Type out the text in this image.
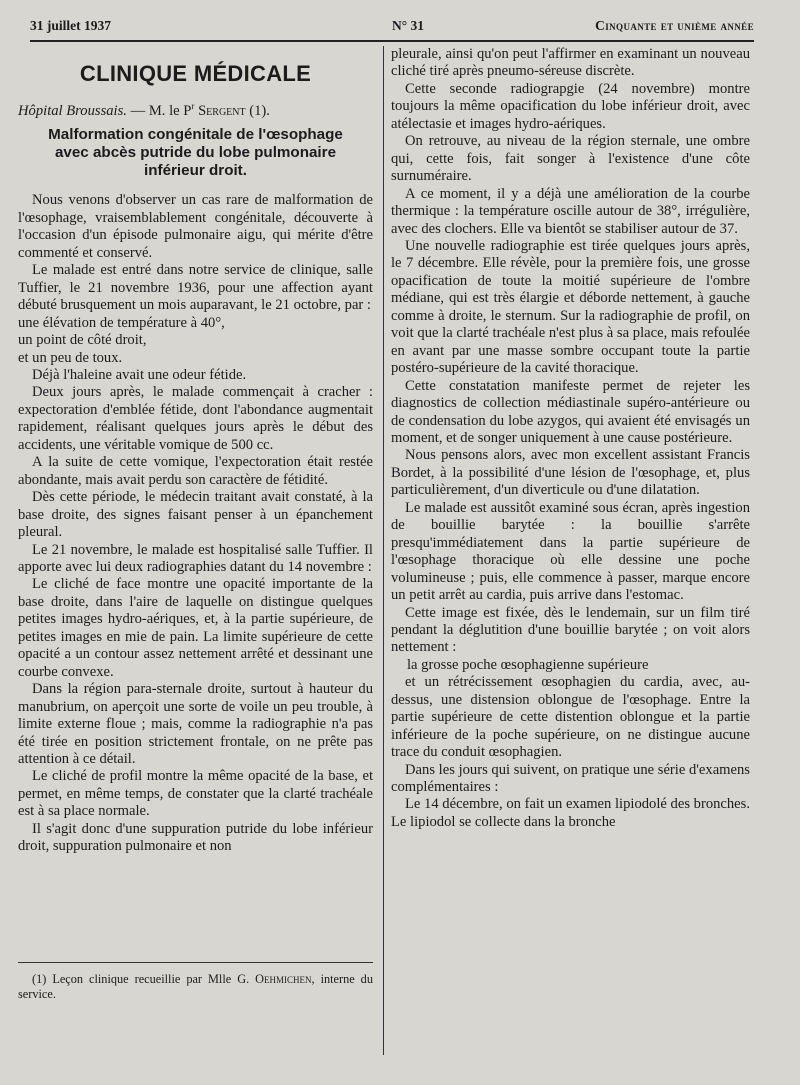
31 juillet 1937	N° 31	Cinquante et unième année
CLINIQUE MÉDICALE

Hôpital Broussais. — M. le $P^r$ Sergent (1).

Malformation congénitale de l'œsophage avec abcès putride du lobe pulmonaire inférieur droit.

Nous venons d'observer un cas rare de malformation de l'œsophage, vraisemblablement congénitale, découverte à l'occasion d'un épisode pulmonaire aigu, qui mérite d'être commenté et conservé.

Le malade est entré dans notre service de clinique, salle Tuffier, le 21 novembre 1936, pour une affection ayant débuté brusquement un mois auparavant, le 21 octobre, par :

une élévation de température à 40°,

un point de côté droit,

et un peu de toux.

Déjà l'haleine avait une odeur fétide.

Deux jours après, le malade commençait à cracher : expectoration d'emblée fétide, dont l'abondance augmentait rapidement, réalisant quelques jours après le début des accidents, une véritable vomique de 500 cc.

A la suite de cette vomique, l'expectoration était restée abondante, mais avait perdu son caractère de fétidité.

Dès cette période, le médecin traitant avait constaté, à la base droite, des signes faisant penser à un épanchement pleural.

Le 21 novembre, le malade est hospitalisé salle Tuffier. Il apporte avec lui deux radiographies datant du 14 novembre :

Le cliché de face montre une opacité importante de la base droite, dans l'aire de laquelle on distingue quelques petites images hydro-aériques, et, à la partie supérieure, de petites images en mie de pain. La limite supérieure de cette opacité a un contour assez nettement arrêté et dessinant une courbe convexe.

Dans la région para-sternale droite, surtout à hauteur du manubrium, on aperçoit une sorte de voile un peu trouble, à limite externe floue ; mais, comme la radiographie n'a pas été tirée en position strictement frontale, on ne prête pas attention à ce détail.

Le cliché de profil montre la même opacité de la base, et permet, en même temps, de constater que la clarté trachéale est à sa place normale.

Il s'agit donc d'une suppuration putride du lobe inférieur droit, suppuration pulmonaire et non

(1) Leçon clinique recueillie par Mlle G. Oehmichen, interne du service.

pleurale, ainsi qu'on peut l'affirmer en examinant un nouveau cliché tiré après pneumo-séreuse discrète.

Cette seconde radiograpgie (24 novembre) montre toujours la même opacification du lobe inférieur droit, avec atélectasie et images hydro-aériques.

On retrouve, au niveau de la région sternale, une ombre qui, cette fois, fait songer à l'existence d'une côte surnuméraire.

A ce moment, il y a déjà une amélioration de la courbe thermique : la température oscille autour de 38°, irrégulière, avec des clochers. Elle va bientôt se stabiliser autour de 37.

Une nouvelle radiographie est tirée quelques jours après, le 7 décembre. Elle révèle, pour la première fois, une grosse opacification de toute la moitié supérieure de l'ombre médiane, qui est très élargie et déborde nettement, à gauche comme à droite, le sternum. Sur la radiographie de profil, on voit que la clarté trachéale n'est plus à sa place, mais refoulée en avant par une masse sombre occupant toute la partie postéro-supérieure de la cavité thoracique.

Cette constatation manifeste permet de rejeter les diagnostics de collection médiastinale supéro-antérieure ou de condensation du lobe azygos, qui avaient été envisagés un moment, et de songer uniquement à une cause postérieure.

Nous pensons alors, avec mon excellent assistant Francis Bordet, à la possibilité d'une lésion de l'œsophage, et, plus particulièrement, d'un diverticule ou d'une dilatation.

Le malade est aussitôt examiné sous écran, après ingestion de bouillie barytée : la bouillie s'arrête presqu'immédiatement dans la partie supérieure de l'œsophage thoracique où elle dessine une poche volumineuse ; puis, elle commence à passer, marque encore un petit arrêt au cardia, puis arrive dans l'estomac.

Cette image est fixée, dès le lendemain, sur un film tiré pendant la déglutition d'une bouillie barytée ; on voit alors nettement :

la grosse poche œsophagienne supérieure

et un rétrécissement œsophagien du cardia, avec, au-dessus, une distension oblongue de l'œsophage. Entre la partie supérieure de cette distention oblongue et la partie inférieure de la poche supérieure, on ne distingue aucune trace du conduit œsophagien.

Dans les jours qui suivent, on pratique une série d'examens complémentaires :

Le 14 décembre, on fait un examen lipiodolé des bronches. Le lipiodol se collecte dans la bronche
